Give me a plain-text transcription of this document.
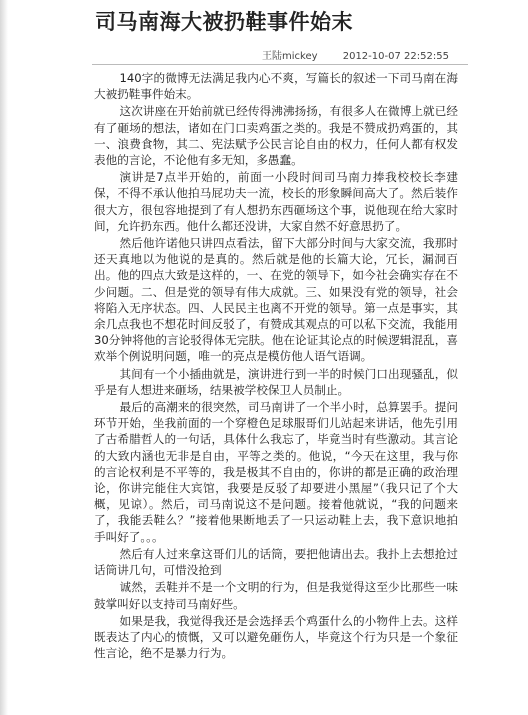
司马南海大被扔鞋事件始末
王陆mickey	2012-10-07 22:52:55

140字的微博无法满足我内心不爽，写篇长的叙述一下司马南在海大被扔鞋事件始末。

这次讲座在开始前就已经传得沸沸扬扬，有很多人在微博上就已经有了砸场的想法，诸如在门口卖鸡蛋之类的。我是不赞成扔鸡蛋的，其一、浪费食物，其二、宪法赋予公民言论自由的权力，任何人都有权发表他的言论，不论他有多无知，多愚蠢。

演讲是7点半开始的，前面一小段时间司马南力捧我校校长李建保，不得不承认他拍马屁功夫一流，校长的形象瞬间高大了。然后装作很大方，很包容地提到了有人想扔东西砸场这个事，说他现在给大家时间，允许扔东西。他什么都还没讲，大家自然不好意思扔了。

然后他许诺他只讲四点看法，留下大部分时间与大家交流，我那时还天真地以为他说的是真的。然后就是他的长篇大论，冗长，漏洞百出。他的四点大致是这样的，一、在党的领导下，如今社会确实存在不少问题。二、但是党的领导有伟大成就。三、如果没有党的领导，社会将陷入无序状态。四、人民民主也离不开党的领导。第一点是事实，其余几点我也不想花时间反驳了，有赞成其观点的可以私下交流，我能用30分钟将他的言论驳得体无完肤。他在论证其论点的时候逻辑混乱，喜欢举个例说明问题，唯一的亮点是模仿他人语气语调。

其间有一个小插曲就是，演讲进行到一半的时候门口出现骚乱，似乎是有人想进来砸场，结果被学校保卫人员制止。

最后的高潮来的很突然，司马南讲了一个半小时，总算罢手。提问环节开始，坐我前面的一个穿橙色足球服哥们儿站起来讲话，他先引用了古希腊哲人的一句话，具体什么我忘了，毕竟当时有些激动。其言论的大致内涵也无非是自由，平等之类的。他说，“今天在这里，我与你的言论权利是不平等的，我是极其不自由的，你讲的都是正确的政治理论，你讲完能住大宾馆，我要是反驳了却要进小黑屋”（我只记了个大概，见谅）。然后，司马南说这不是问题。接着他就说，“我的问题来了，我能丢鞋么？”接着他果断地丢了一只运动鞋上去，我下意识地拍手叫好了。。。

然后有人过来拿这哥们儿的话筒，要把他请出去。我扑上去想抢过话筒讲几句，可惜没抢到

诚然，丢鞋并不是一个文明的行为，但是我觉得这至少比那些一味鼓掌叫好以支持司马南好些。

如果是我，我觉得我还是会选择丢个鸡蛋什么的小物件上去。这样既表达了内心的愤慨，又可以避免砸伤人，毕竟这个行为只是一个象征性言论，绝不是暴力行为。
